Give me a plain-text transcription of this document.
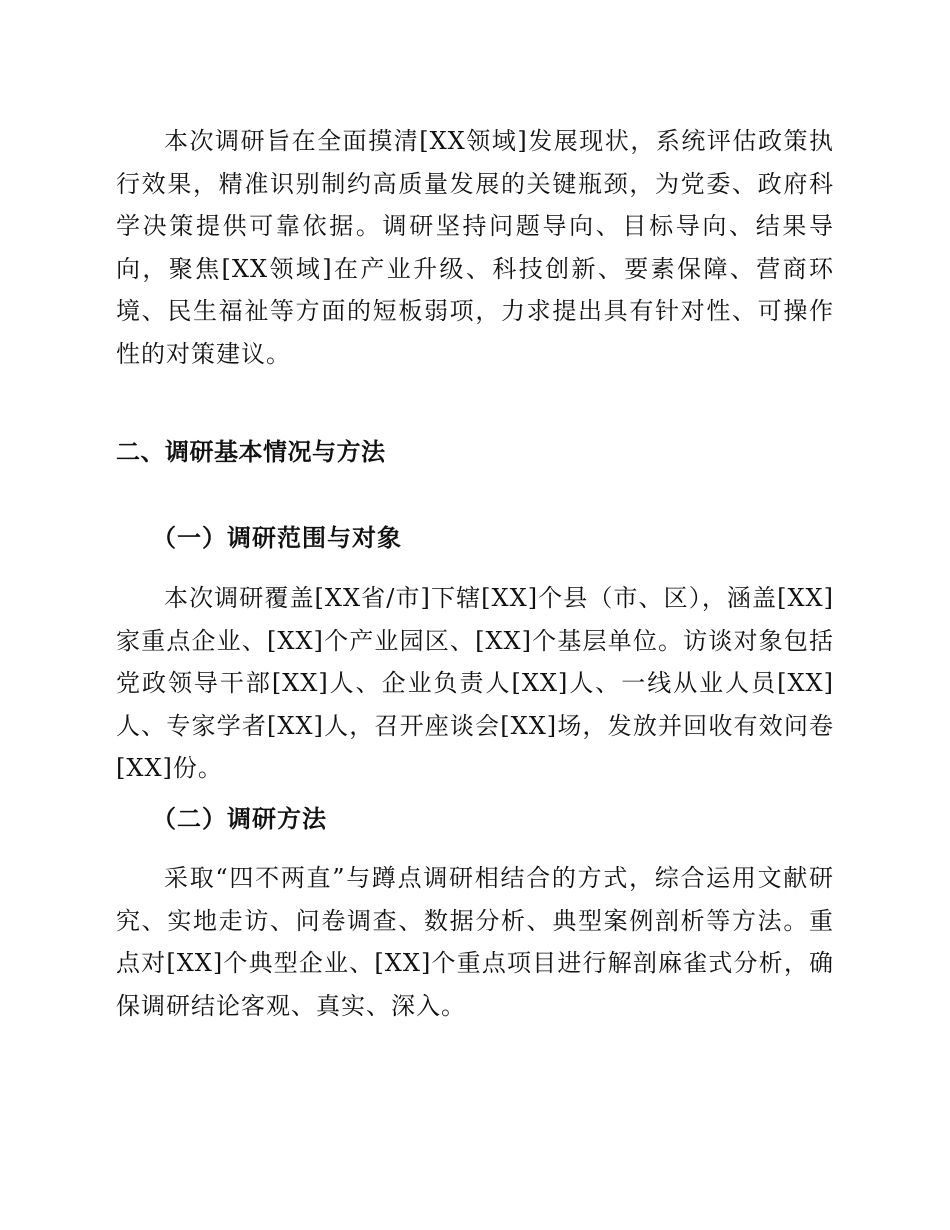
本次调研旨在全面摸清[XX领域]发展现状，系统评估政策执行效果，精准识别制约高质量发展的关键瓶颈，为党委、政府科学决策提供可靠依据。调研坚持问题导向、目标导向、结果导向，聚焦[XX领域]在产业升级、科技创新、要素保障、营商环境、民生福祉等方面的短板弱项，力求提出具有针对性、可操作性的对策建议。

二、调研基本情况与方法
（一）调研范围与对象

本次调研覆盖[XX省/市]下辖[XX]个县（市、区），涵盖[XX]家重点企业、[XX]个产业园区、[XX]个基层单位。访谈对象包括党政领导干部[XX]人、企业负责人[XX]人、一线从业人员[XX]人、专家学者[XX]人，召开座谈会[XX]场，发放并回收有效问卷[XX]份。

（二）调研方法

采取“四不两直”与蹲点调研相结合的方式，综合运用文献研究、实地走访、问卷调查、数据分析、典型案例剖析等方法。重点对[XX]个典型企业、[XX]个重点项目进行解剖麻雀式分析，确保调研结论客观、真实、深入。
